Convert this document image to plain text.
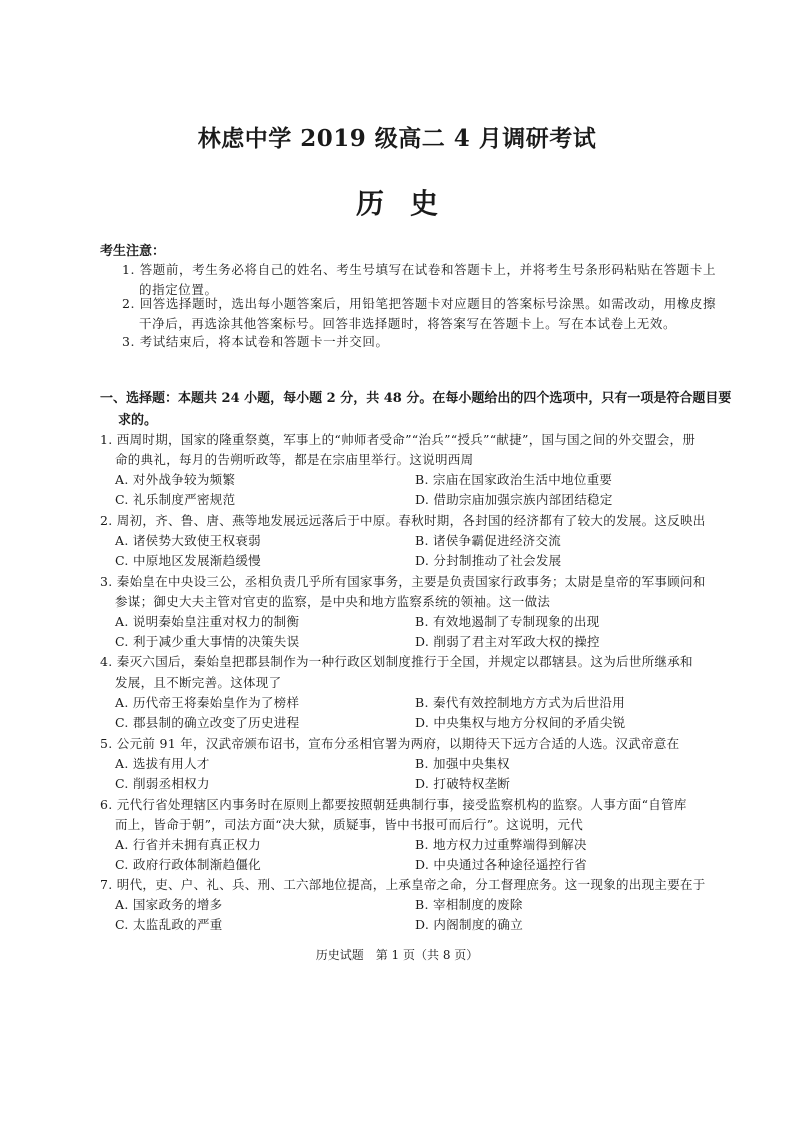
林虑中学 2019 级高二 4 月调研考试
历史
考生注意：
1. 答题前，考生务必将自己的姓名、考生号填写在试卷和答题卡上，并将考生号条形码粘贴在答题卡上
的指定位置。
2. 回答选择题时，选出每小题答案后，用铅笔把答题卡对应题目的答案标号涂黑。如需改动，用橡皮擦
干净后，再选涂其他答案标号。回答非选择题时，将答案写在答题卡上。写在本试卷上无效。
3. 考试结束后，将本试卷和答题卡一并交回。
一、选择题：本题共 24 小题，每小题 2 分，共 48 分。在每小题给出的四个选项中，只有一项是符合题目要
求的。
1. 西周时期，国家的隆重祭奠，军事上的“帅师者受命”“治兵”“授兵”“献捷”，国与国之间的外交盟会，册
命的典礼，每月的告朔听政等，都是在宗庙里举行。这说明西周
A. 对外战争较为频繁	B. 宗庙在国家政治生活中地位重要
C. 礼乐制度严密规范	D. 借助宗庙加强宗族内部团结稳定
2. 周初，齐、鲁、唐、燕等地发展远远落后于中原。春秋时期，各封国的经济都有了较大的发展。这反映出
A. 诸侯势大致使王权衰弱	B. 诸侯争霸促进经济交流
C. 中原地区发展渐趋缓慢	D. 分封制推动了社会发展
3. 秦始皇在中央设三公，丞相负责几乎所有国家事务，主要是负责国家行政事务；太尉是皇帝的军事顾问和
参谋；御史大夫主管对官吏的监察，是中央和地方监察系统的领袖。这一做法
A. 说明秦始皇注重对权力的制衡	B. 有效地遏制了专制现象的出现
C. 利于减少重大事情的决策失误	D. 削弱了君主对军政大权的操控
4. 秦灭六国后，秦始皇把郡县制作为一种行政区划制度推行于全国，并规定以郡辖县。这为后世所继承和
发展，且不断完善。这体现了
A. 历代帝王将秦始皇作为了榜样	B. 秦代有效控制地方方式为后世沿用
C. 郡县制的确立改变了历史进程	D. 中央集权与地方分权间的矛盾尖锐
5. 公元前 91 年，汉武帝颁布诏书，宣布分丞相官署为两府，以期待天下远方合适的人选。汉武帝意在
A. 选拔有用人才	B. 加强中央集权
C. 削弱丞相权力	D. 打破特权垄断
6. 元代行省处理辖区内事务时在原则上都要按照朝廷典制行事，接受监察机构的监察。人事方面“自管库
而上，皆命于朝”，司法方面“决大狱，质疑事，皆中书报可而后行”。这说明，元代
A. 行省并未拥有真正权力	B. 地方权力过重弊端得到解决
C. 政府行政体制渐趋僵化	D. 中央通过各种途径遥控行省
7. 明代，吏、户、礼、兵、刑、工六部地位提高，上承皇帝之命，分工督理庶务。这一现象的出现主要在于
A. 国家政务的增多	B. 宰相制度的废除
C. 太监乱政的严重	D. 内阁制度的确立
历史试题　第 1 页（共 8 页）
